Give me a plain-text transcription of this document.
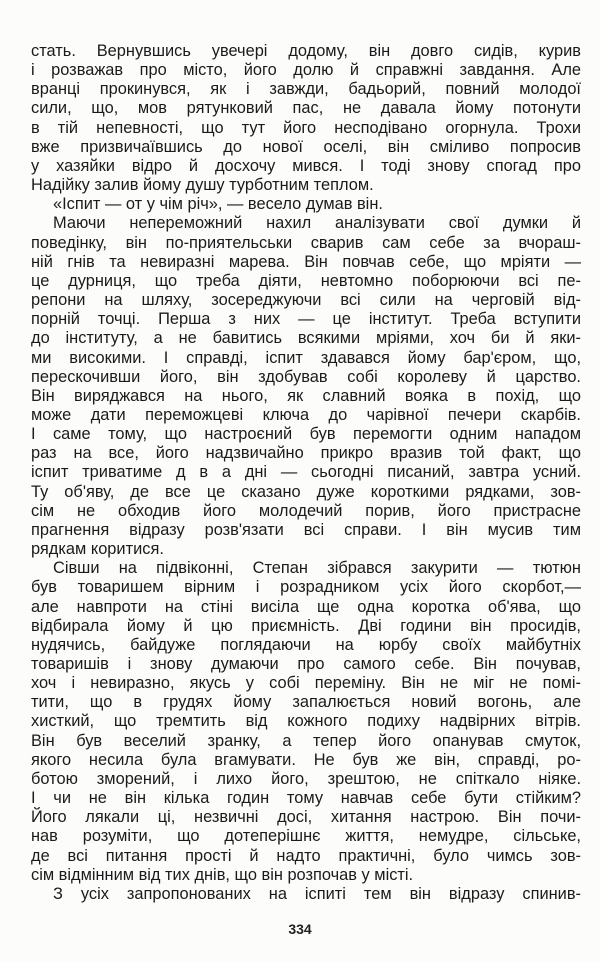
стать. Вернувшись увечері додому, він довго сидів, курив
і розважав про місто, його долю й справжні завдання. Але
вранці прокинувся, як і завжди, бадьорий, повний молодої
сили, що, мов рятунковий пас, не давала йому потонути
в тій непевності, що тут його несподівано огорнула. Трохи
вже призвичаївшись до нової оселі, він сміливо попросив
у хазяйки відро й досхочу мився. І тоді знову спогад про
Надійку залив йому душу турботним теплом.
«Іспит — от у чім річ», — весело думав він.
Маючи непереможний нахил аналізувати свої думки й
поведінку, він по-приятельськи сварив сам себе за вчораш-
ній гнів та невиразні марева. Він повчав себе, що мріяти —
це дурниця, що треба діяти, невтомно поборюючи всі пе-
репони на шляху, зосереджуючи всі сили на черговій від-
порній точці. Перша з них — це інститут. Треба вступити
до інституту, а не бавитись всякими мріями, хоч би й яки-
ми високими. І справді, іспит здавався йому бар'єром, що,
перескочивши його, він здобував собі королеву й царство.
Він виряджався на нього, як славний вояка в похід, що
може дати переможцеві ключа до чарівної печери скарбів.
І саме тому, що настроєний був перемогти одним нападом
раз на все, його надзвичайно прикро вразив той факт, що
іспит триватиме д в а дні — сьогодні писаний, завтра усний.
Ту об'яву, де все це сказано дуже короткими рядками, зов-
сім не обходив його молодечий порив, його пристрасне
прагнення відразу розв'язати всі справи. І він мусив тим
рядкам коритися.
Сівши на підвіконні, Степан зібрався закурити — тютюн
був товаришем вірним і розрадником усіх його скорбот,—
але навпроти на стіні висіла ще одна коротка об'ява, що
відбирала йому й цю приємність. Дві години він просидів,
нудячись, байдуже поглядаючи на юрбу своїх майбутніх
товаришів і знову думаючи про самого себе. Він почував,
хоч і невиразно, якусь у собі переміну. Він не міг не помі-
тити, що в грудях йому запалюється новий вогонь, але
хисткий, що тремтить від кожного подиху надвірних вітрів.
Він був веселий зранку, а тепер його опанував смуток,
якого несила була вгамувати. Не був же він, справді, ро-
ботою зморений, і лихо його, зрештою, не спіткало ніяке.
І чи не він кілька годин тому навчав себе бути стійким?
Його лякали ці, незвичні досі, хитання настрою. Він почи-
нав розуміти, що дотеперішнє життя, немудре, сільське,
де всі питання прості й надто практичні, було чимсь зов-
сім відмінним від тих днів, що він розпочав у місті.
З усіх запропонованих на іспиті тем він відразу спинив-
334
